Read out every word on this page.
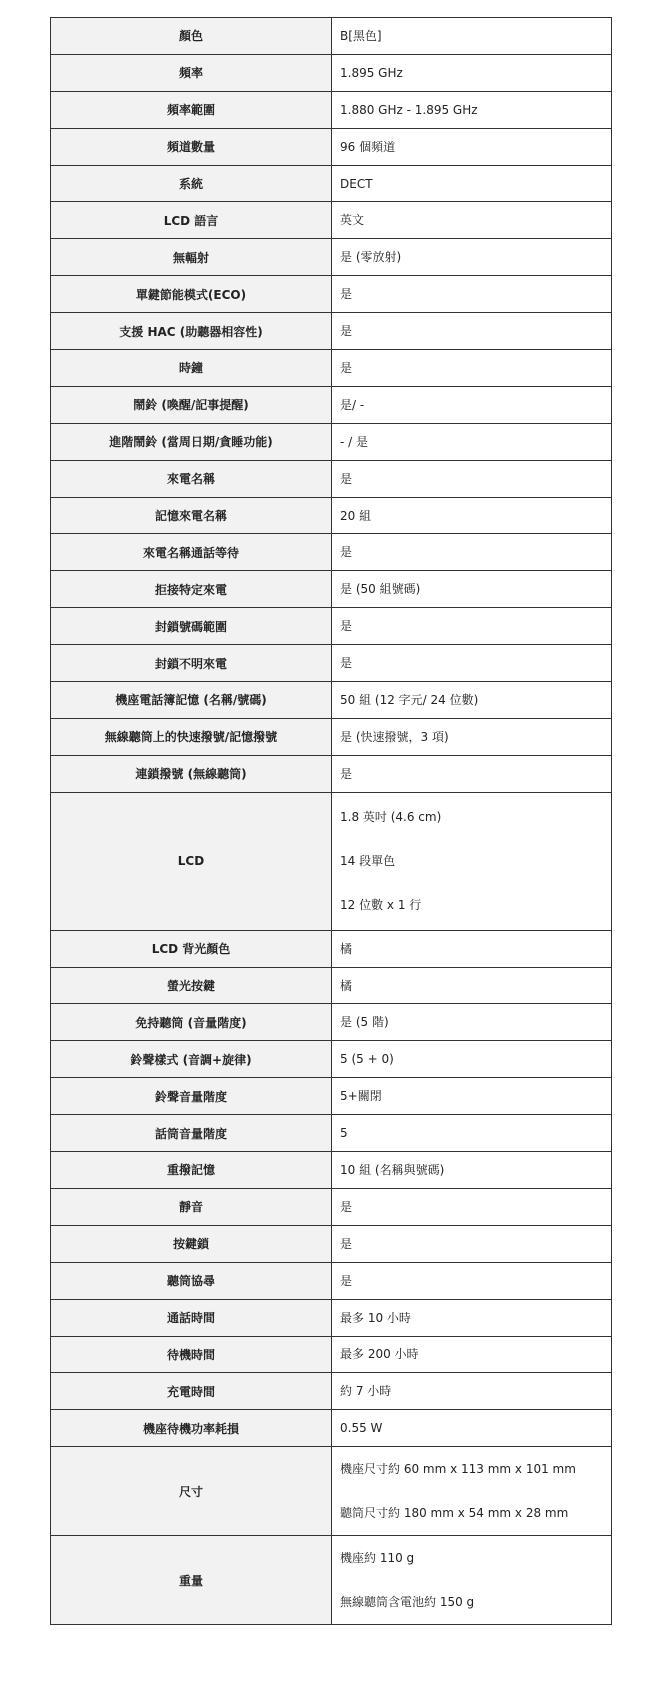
顏色	B[黑色]

頻率	1.895 GHz

頻率範圍	1.880 GHz - 1.895 GHz

頻道數量	96 個頻道

系統	DECT

LCD 語言	英文

無輻射	是 (零放射)

單鍵節能模式(ECO)	是

支援 HAC (助聽器相容性)	是

時鐘	是

鬧鈴 (喚醒/記事提醒)	是/ -

進階鬧鈴 (當周日期/貪睡功能)	- / 是

來電名稱	是

記憶來電名稱	20 組

來電名稱通話等待	是

拒接特定來電	是 (50 組號碼)

封鎖號碼範圍	是

封鎖不明來電	是

機座電話簿記憶 (名稱/號碼)	50 組 (12 字元/ 24 位數)

無線聽筒上的快速撥號/記憶撥號	是 (快速撥號，3 項)

連鎖撥號 (無線聽筒)	是

LCD	1.8 英吋 (4.6 cm)
14 段單色
12 位數 x 1 行

LCD 背光顏色	橘

螢光按鍵	橘

免持聽筒 (音量階度)	是 (5 階)

鈴聲樣式 (音調+旋律)	5 (5 + 0)

鈴聲音量階度	5+關閉

話筒音量階度	5

重撥記憶	10 組 (名稱與號碼)

靜音	是

按鍵鎖	是

聽筒協尋	是

通話時間	最多 10 小時

待機時間	最多 200 小時

充電時間	約 7 小時

機座待機功率耗損	0.55 W

尺寸	機座尺寸約 60 mm x 113 mm x 101 mm
聽筒尺寸約 180 mm x 54 mm x 28 mm

重量	機座約 110 g
無線聽筒含電池約 150 g
